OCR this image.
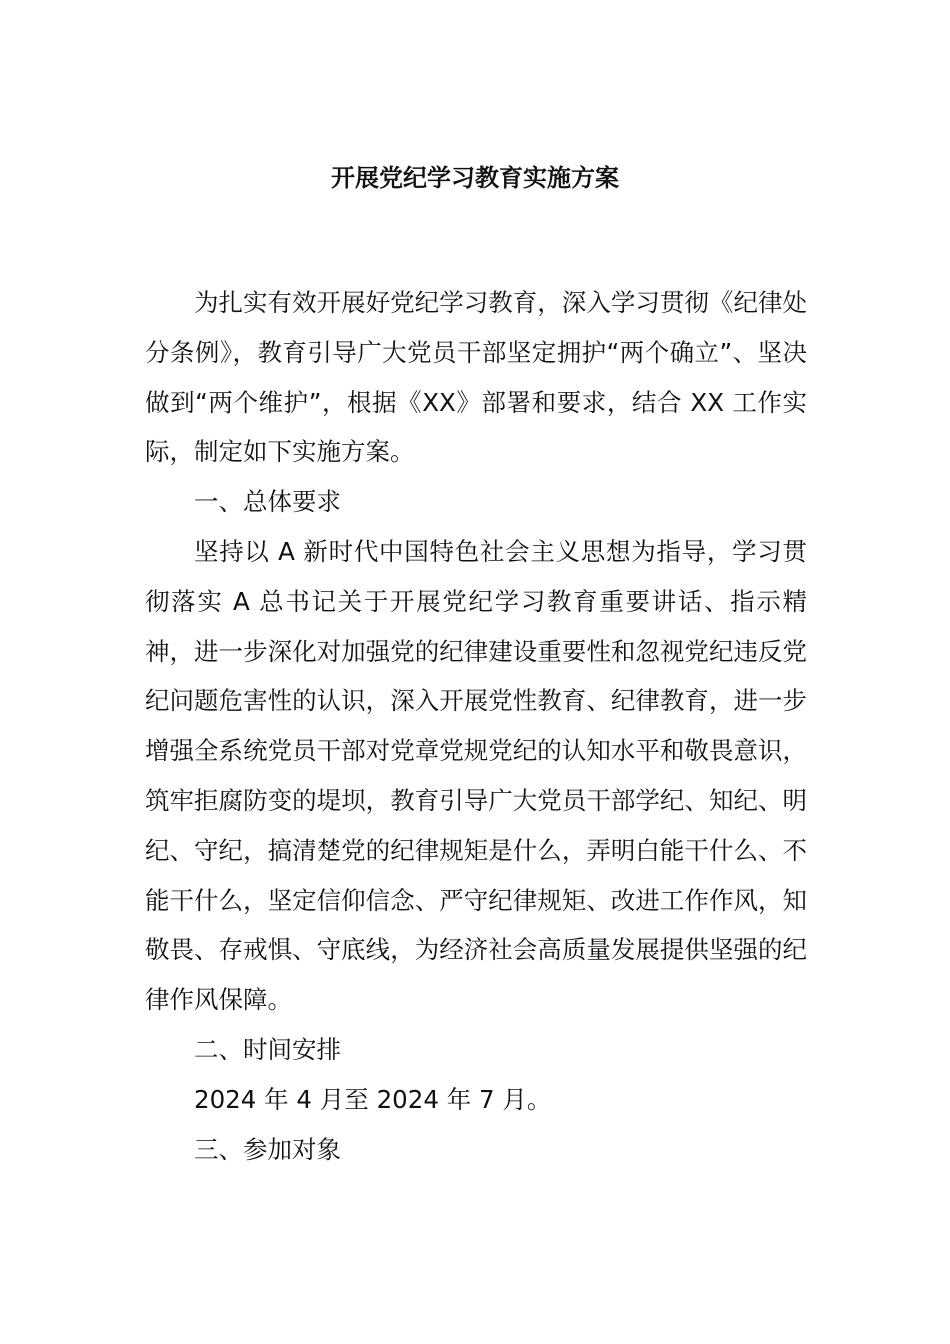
开展党纪学习教育实施方案

为扎实有效开展好党纪学习教育，深入学习贯彻《纪律处分条例》，教育引导广大党员干部坚定拥护“两个确立”、坚决做到“两个维护”，根据《XX》部署和要求，结合 XX 工作实际，制定如下实施方案。

一、总体要求

坚持以 A 新时代中国特色社会主义思想为指导，学习贯彻落实 A 总书记关于开展党纪学习教育重要讲话、指示精神，进一步深化对加强党的纪律建设重要性和忽视党纪违反党纪问题危害性的认识，深入开展党性教育、纪律教育，进一步增强全系统党员干部对党章党规党纪的认知水平和敬畏意识，筑牢拒腐防变的堤坝，教育引导广大党员干部学纪、知纪、明纪、守纪，搞清楚党的纪律规矩是什么，弄明白能干什么、不能干什么，坚定信仰信念、严守纪律规矩、改进工作作风，知敬畏、存戒惧、守底线，为经济社会高质量发展提供坚强的纪律作风保障。

二、时间安排

2024 年 4 月至 2024 年 7 月。

三、参加对象
